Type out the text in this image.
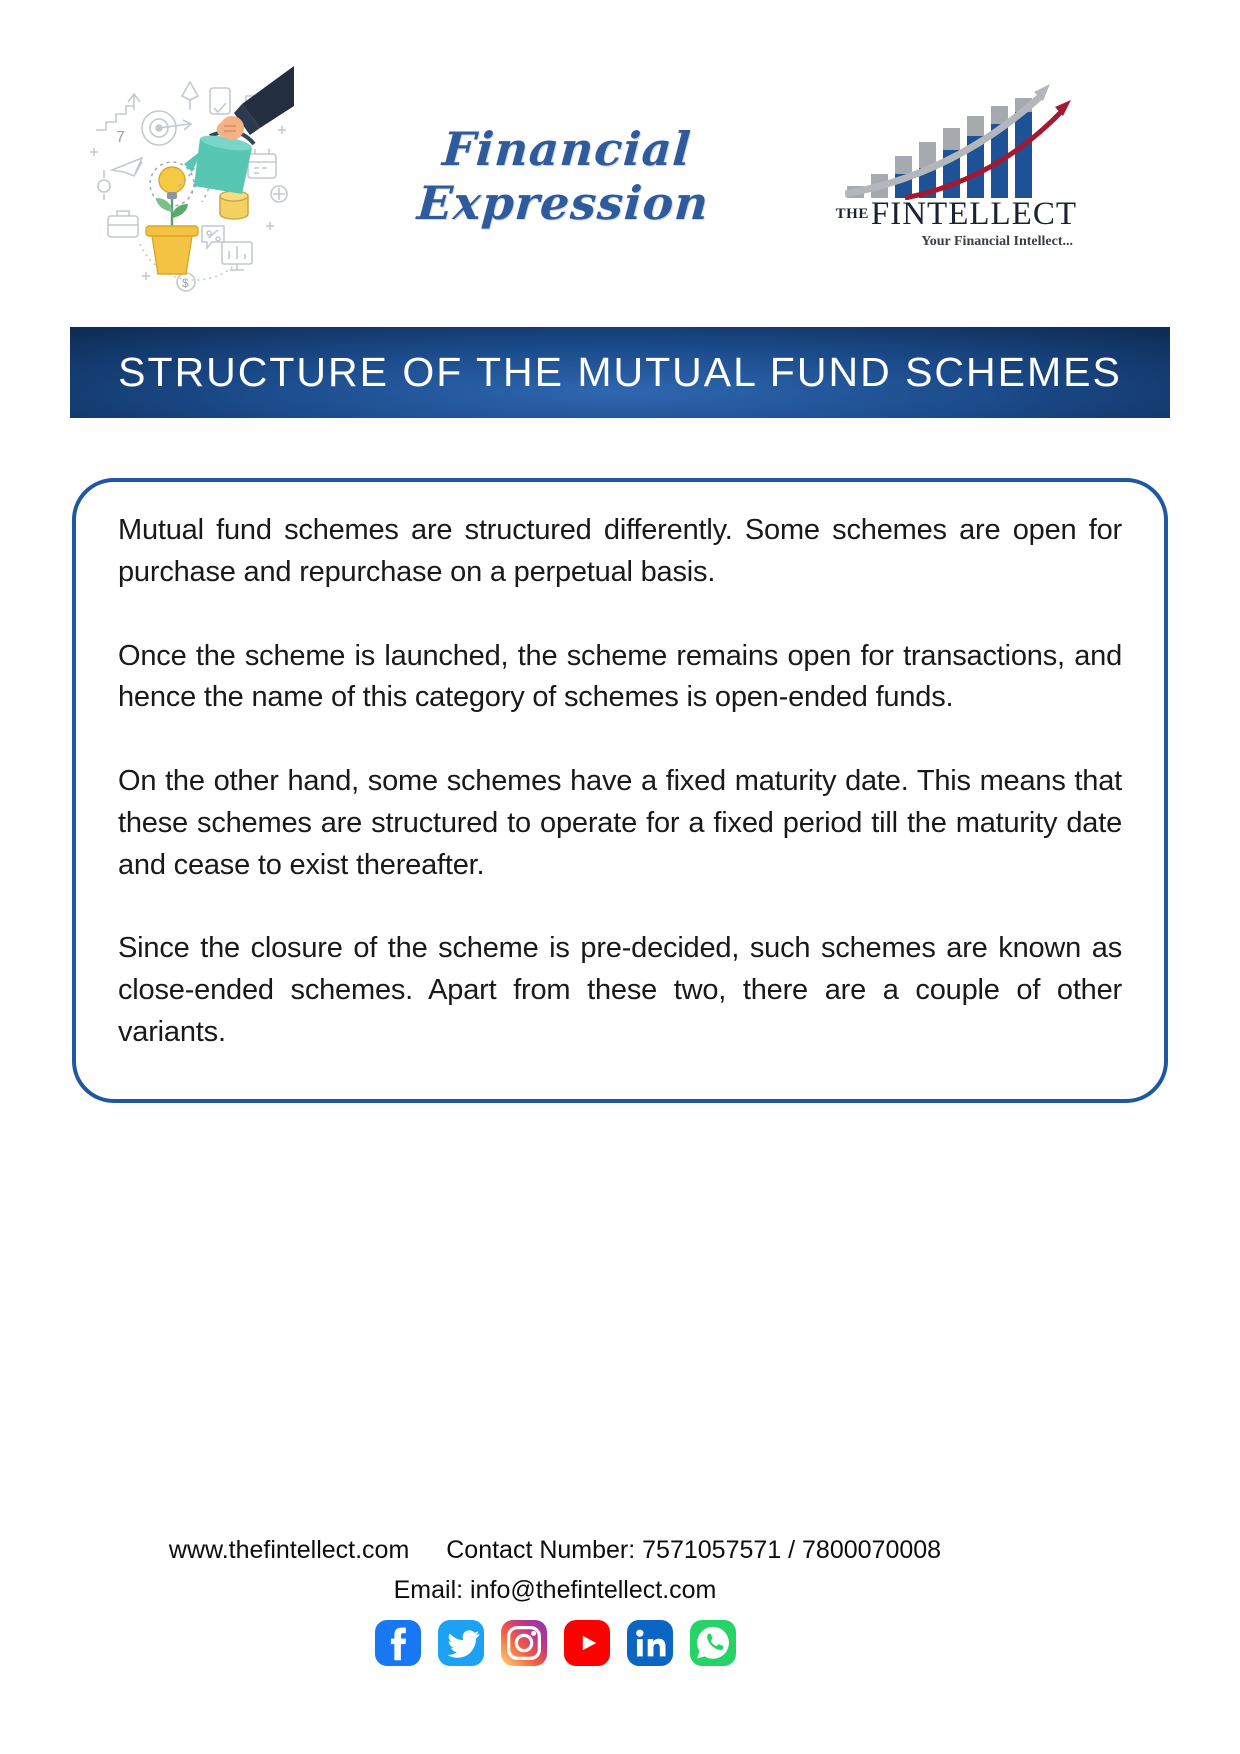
7
$
Financial Expression	THEFINTELLECT
Your Financial Intellect...
STRUCTURE OF THE MUTUAL FUND SCHEMES

Mutual fund schemes are structured differently. Some schemes are open for purchase and repurchase on a perpetual basis.

Once the scheme is launched, the scheme remains open for transactions, and hence the name of this category of schemes is open-ended funds.

On the other hand, some schemes have a fixed maturity date. This means that these schemes are structured to operate for a fixed period till the maturity date and cease to exist thereafter.

Since the closure of the scheme is pre-decided, such schemes are known as close-ended schemes. Apart from these two, there are a couple of other variants.

www.thefintellect.com Contact Number: 7571057571 / 7800070008
Email: info@thefintellect.com
